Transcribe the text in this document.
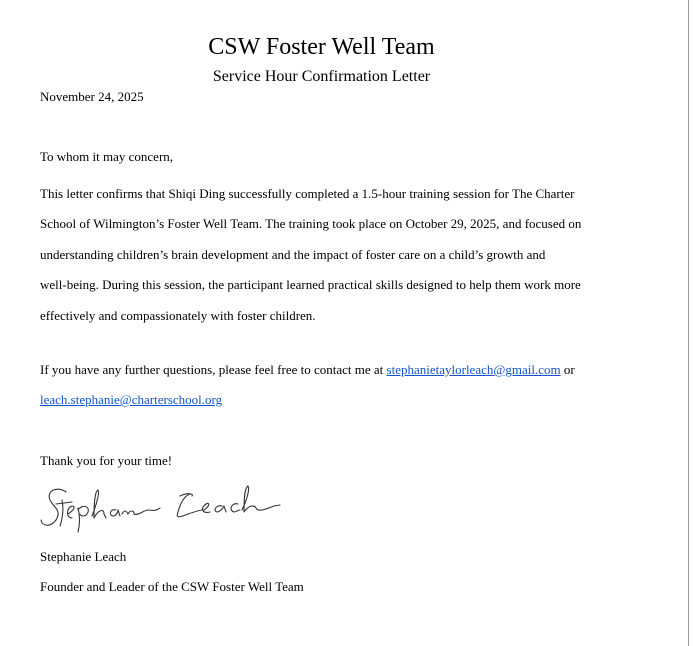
CSW Foster Well Team
Service Hour Confirmation Letter
November 24, 2025
To whom it may concern,
This letter confirms that Shiqi Ding successfully completed a 1.5-hour training session for The Charter
School of Wilmington’s Foster Well Team. The training took place on October 29, 2025, and focused on
understanding children’s brain development and the impact of foster care on a child’s growth and
well-being. During this session, the participant learned practical skills designed to help them work more
effectively and compassionately with foster children.
If you have any further questions, please feel free to contact me at stephanietaylorleach@gmail.com or
leach.stephanie@charterschool.org
Thank you for your time!
Stephanie Leach
Founder and Leader of the CSW Foster Well Team
